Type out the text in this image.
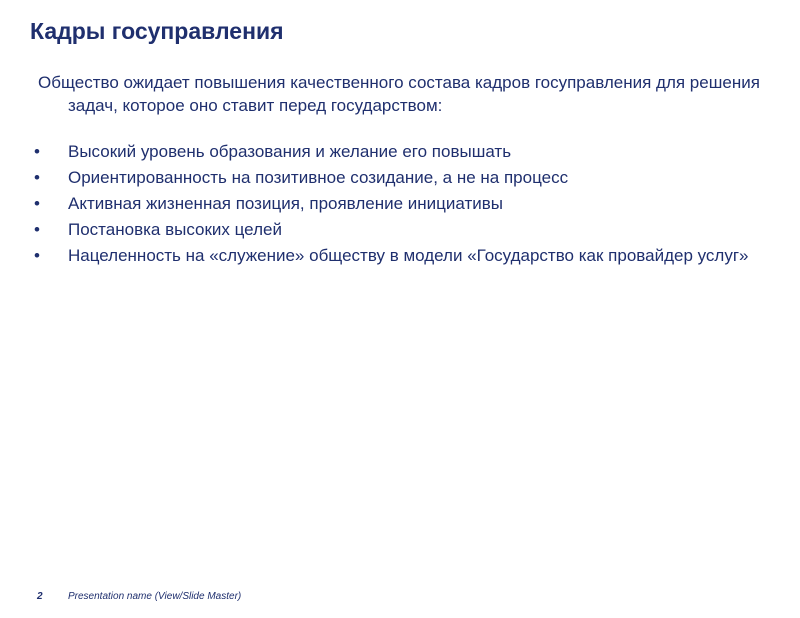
Кадры госуправления

Общество ожидает повышения качественного состава кадров госуправления для решения задач, которое оно ставит перед государством:

• Высокий уровень образования и желание его повышать
• Ориентированность на позитивное созидание, а не на процесс
• Активная жизненная позиция, проявление инициативы
• Постановка высоких целей
• Нацеленность на «служение» обществу в модели «Государство как провайдер услуг»
2	Presentation name (View/Slide Master)
